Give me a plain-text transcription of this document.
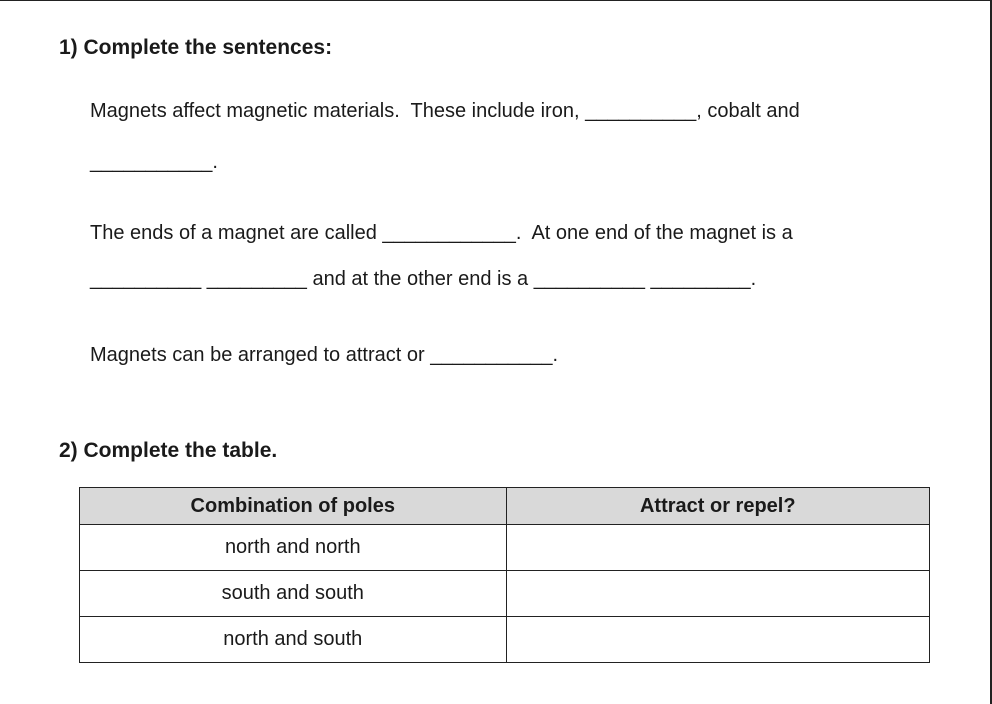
1) Complete the sentences:

Magnets affect magnetic materials.  These include iron, __________, cobalt and

___________.

The ends of a magnet are called ____________.  At one end of the magnet is a

__________ _________ and at the other end is a __________ _________.

Magnets can be arranged to attract or ___________.

2) Complete the table.
Combination of poles	Attract or repel?
north and north	
south and south	
north and south	
